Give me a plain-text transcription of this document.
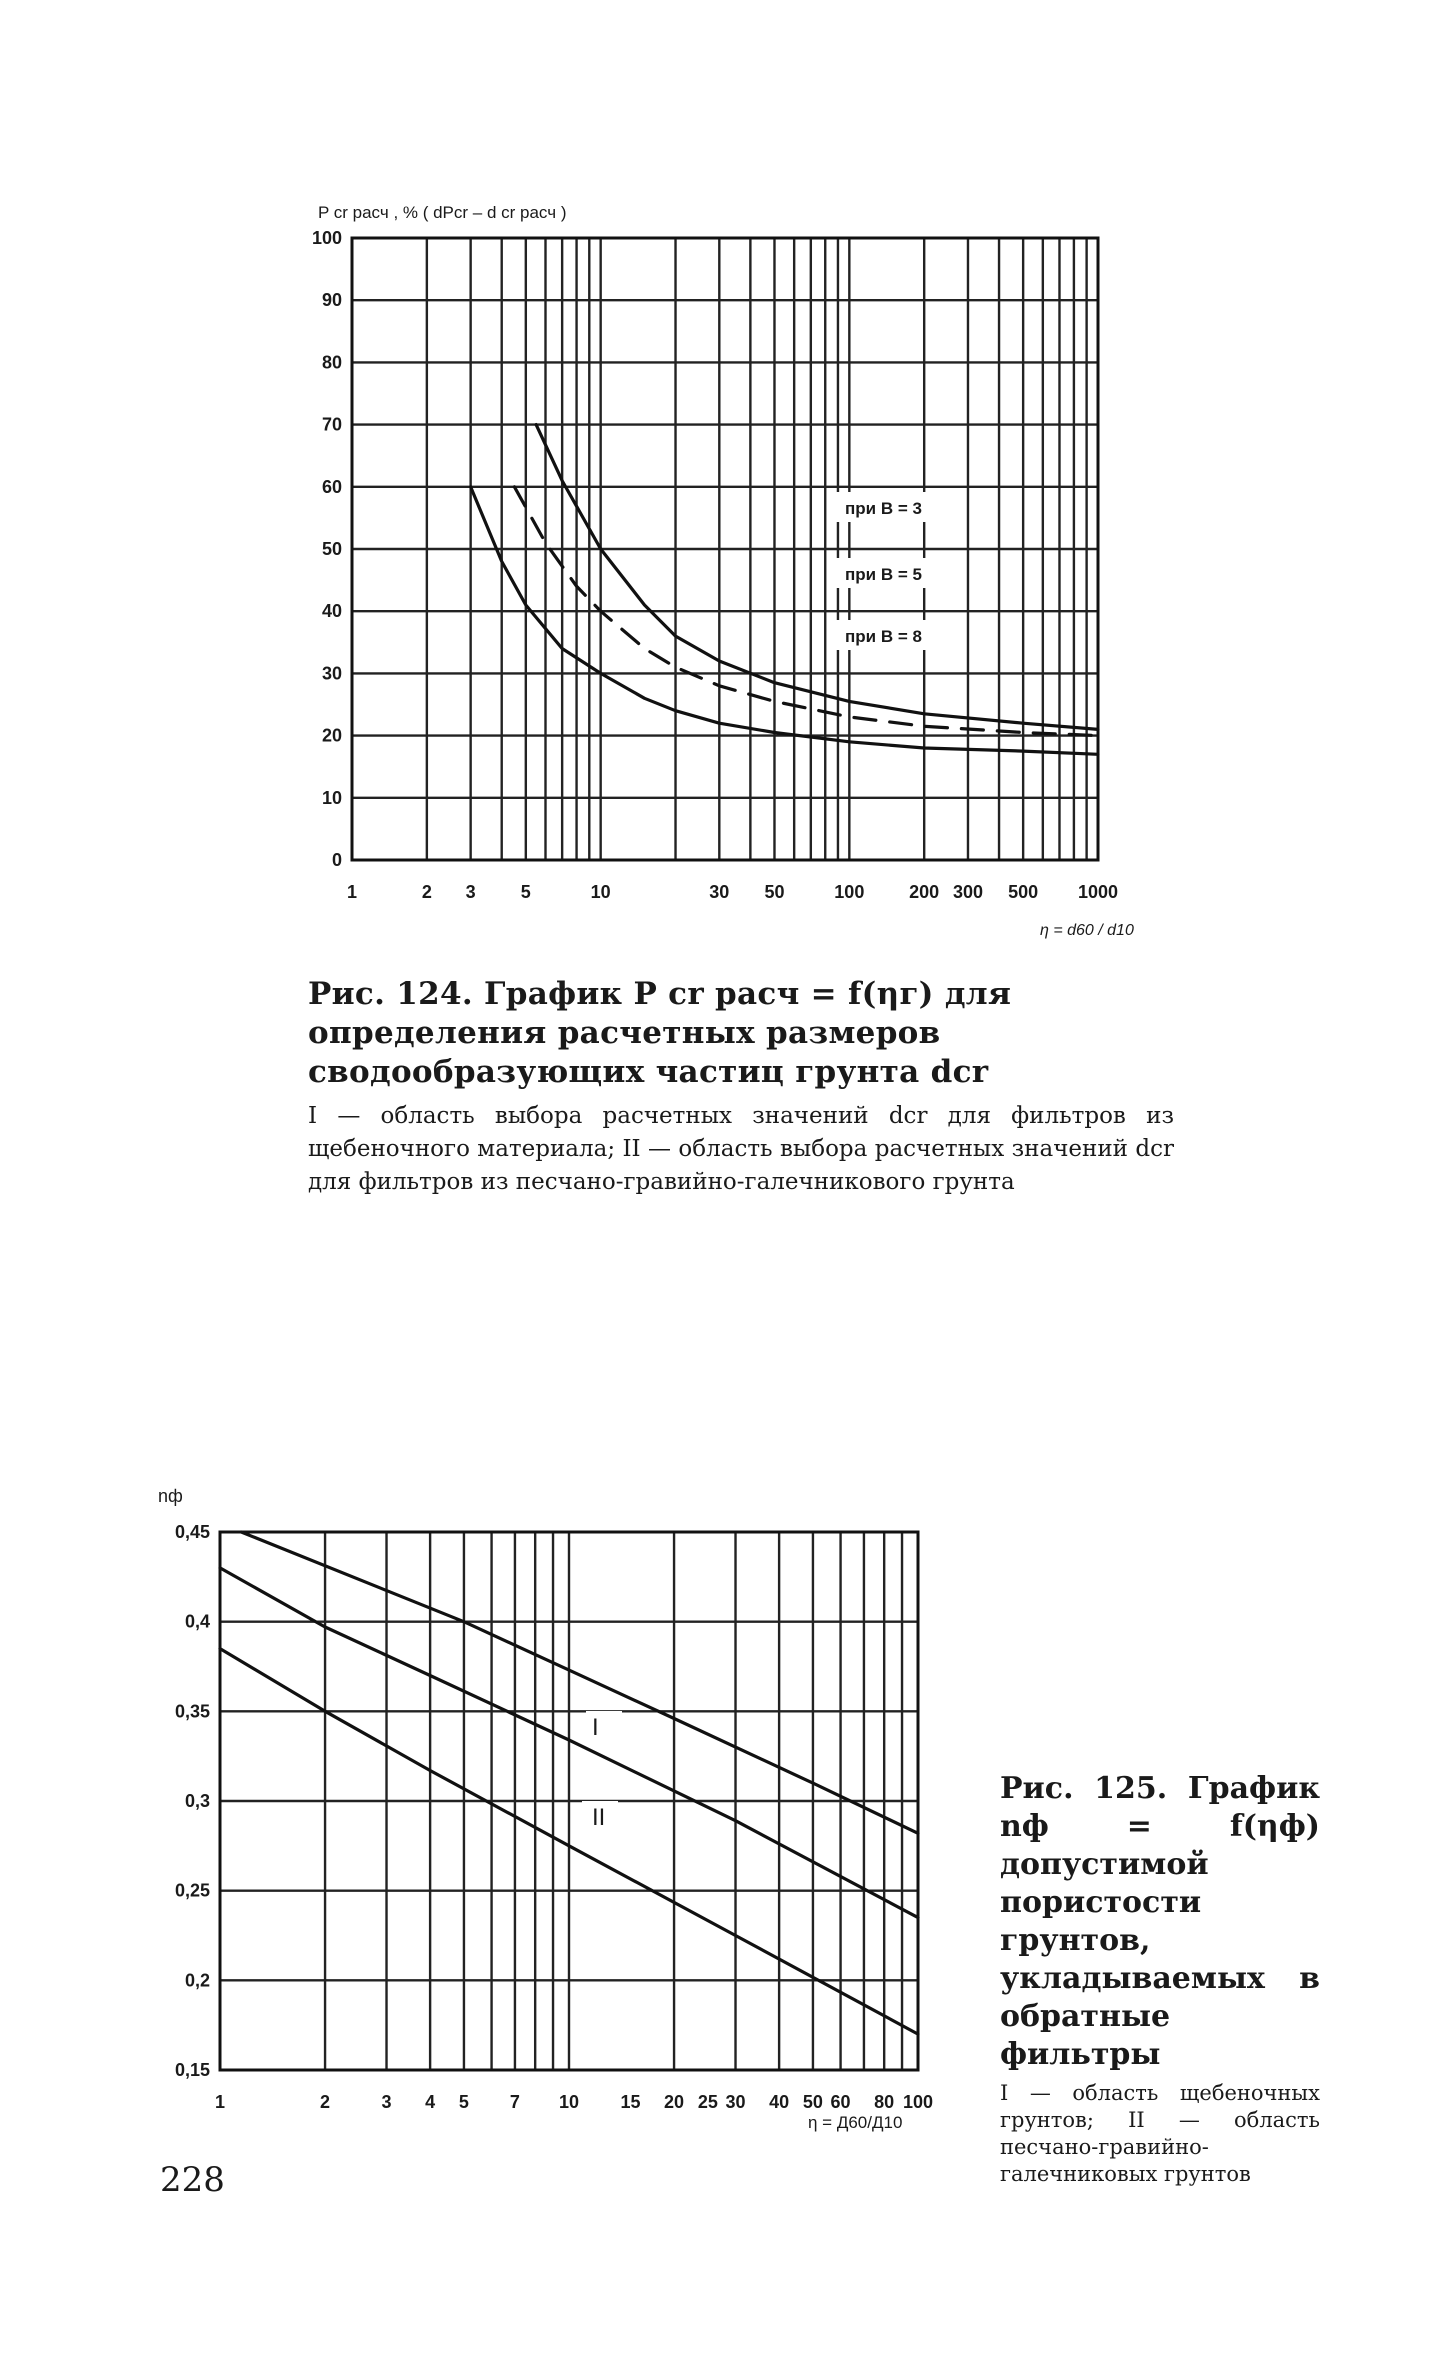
1	2 3	5	10	30 50	100 200 300 500 1000
0
10
20
30
40
50
60
70
80
90
100
при В = 3
при В = 5
при В = 8
P cr расч , % ( dPcr – d cr расч )
η = d60 / d10
1	2	3 4 5 7 10 15 20 25 30 40 50 60 80 100
0,15
0,2
0,25
0,3
0,35
0,4
0,45
nф
η = Д60/Д10
I
II
Рис. 124. График P cr расч = f(ηг) для определения расчетных размеров сводообразующих частиц грунта dcr
I — область выбора расчетных значений dcr для фильтров из щебеночного материала; II — область выбора расчетных значений dcr для фильтров из песчано-гравийно-галечникового грунта
Рис. 125. График nф = f(ηф) допустимой пористости грунтов, укладываемых в обратные фильтры
I — область щебеночных грунтов; II — область песчано-гравийно-галечниковых грунтов
228
